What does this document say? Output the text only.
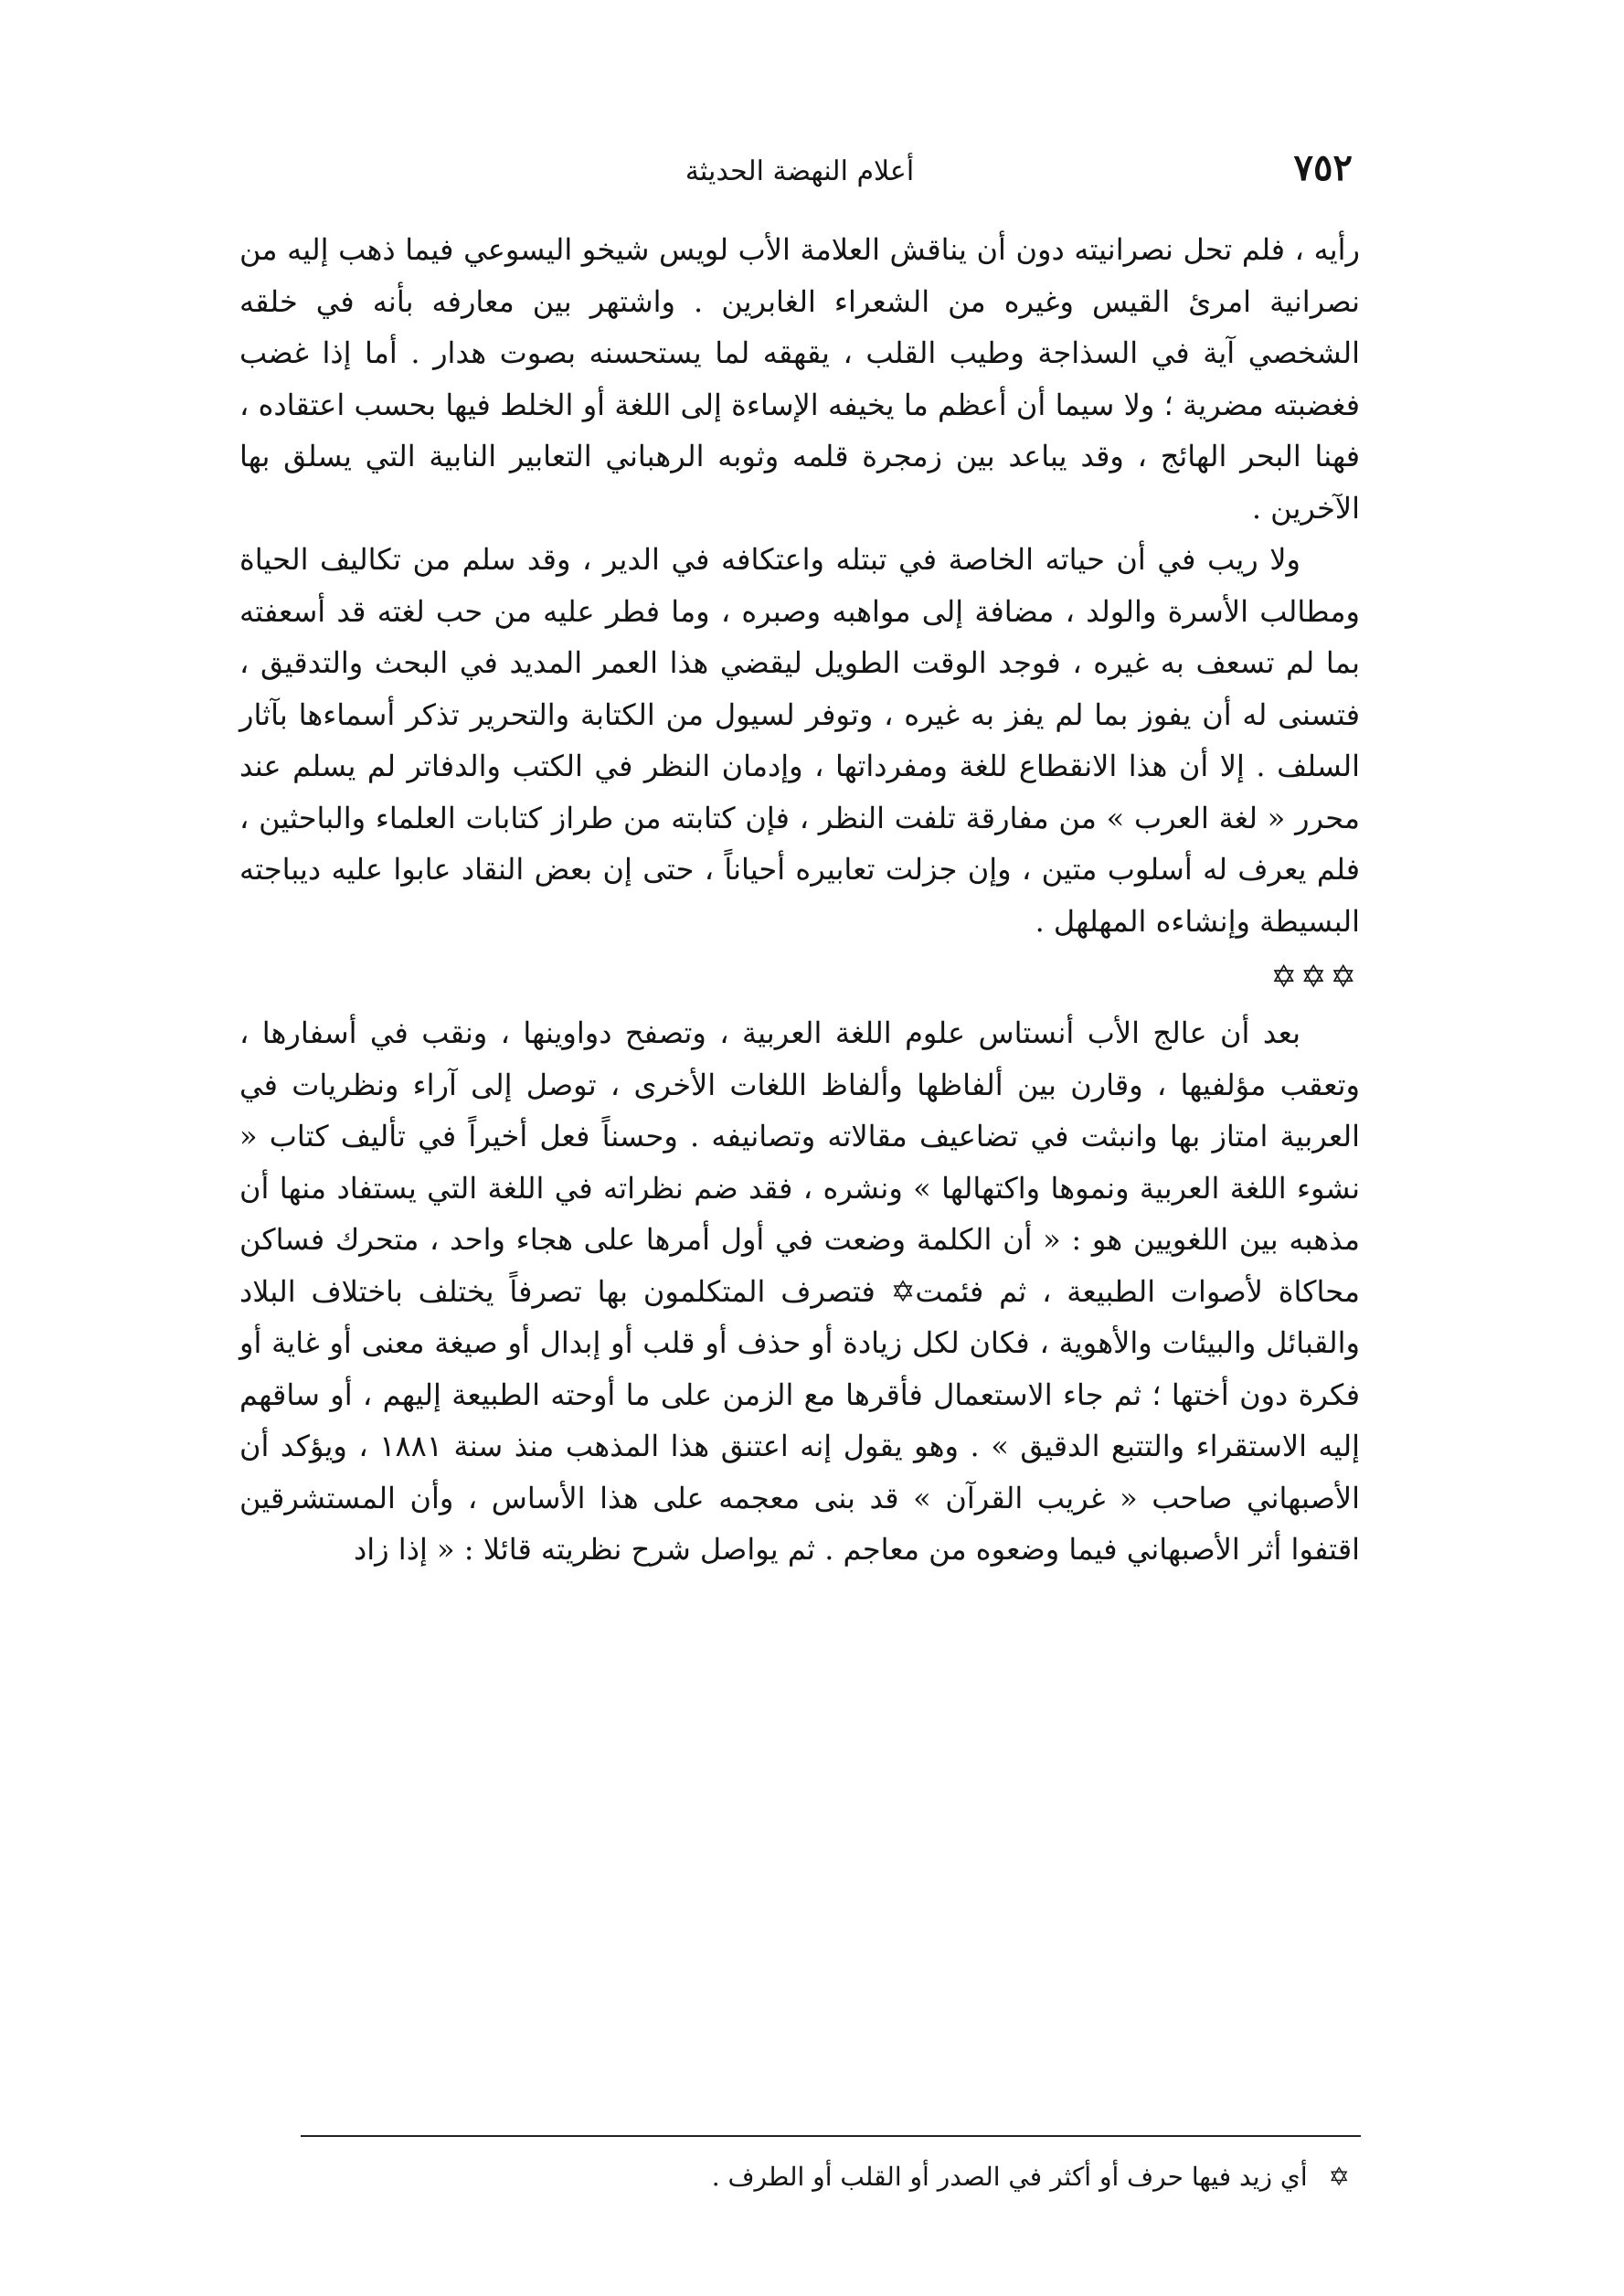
٧٥٢
أعلام النهضة الحديثة

رأيه ، فلم تحل نصرانيته دون أن يناقش العلامة الأب لويس شيخو اليسوعي فيما ذهب إليه من نصرانية امرئ القيس وغيره من الشعراء الغابرين . واشتهر بين معارفه بأنه في خلقه الشخصي آية في السذاجة وطيب القلب ، يقهقه لما يستحسنه بصوت هدار . أما إذا غضب فغضبته مضرية ؛ ولا سيما أن أعظم ما يخيفه الإساءة إلى اللغة أو الخلط فيها بحسب اعتقاده ، فهنا البحر الهائج ، وقد يباعد بين زمجرة قلمه وثوبه الرهباني التعابير النابية التي يسلق بها الآخرين .

ولا ريب في أن حياته الخاصة في تبتله واعتكافه في الدير ، وقد سلم من تكاليف الحياة ومطالب الأسرة والولد ، مضافة إلى مواهبه وصبره ، وما فطر عليه من حب لغته قد أسعفته بما لم تسعف به غيره ، فوجد الوقت الطويل ليقضي هذا العمر المديد في البحث والتدقيق ، فتسنى له أن يفوز بما لم يفز به غيره ، وتوفر لسيول من الكتابة والتحرير تذكر أسماءها بآثار السلف . إلا أن هذا الانقطاع للغة ومفرداتها ، وإدمان النظر في الكتب والدفاتر لم يسلم عند محرر « لغة العرب » من مفارقة تلفت النظر ، فإن كتابته من طراز كتابات العلماء والباحثين ، فلم يعرف له أسلوب متين ، وإن جزلت تعابيره أحياناً ، حتى إن بعض النقاد عابوا عليه ديباجته البسيطة وإنشاءه المهلهل .

✡✡✡

بعد أن عالج الأب أنستاس علوم اللغة العربية ، وتصفح دواوينها ، ونقب في أسفارها ، وتعقب مؤلفيها ، وقارن بين ألفاظها وألفاظ اللغات الأخرى ، توصل إلى آراء ونظريات في العربية امتاز بها وانبثت في تضاعيف مقالاته وتصانيفه . وحسناً فعل أخيراً في تأليف كتاب « نشوء اللغة العربية ونموها واكتهالها » ونشره ، فقد ضم نظراته في اللغة التي يستفاد منها أن مذهبه بين اللغويين هو : « أن الكلمة وضعت في أول أمرها على هجاء واحد ، متحرك فساكن محاكاة لأصوات الطبيعة ، ثم فئمت✡ فتصرف المتكلمون بها تصرفاً يختلف باختلاف البلاد والقبائل والبيئات والأهوية ، فكان لكل زيادة أو حذف أو قلب أو إبدال أو صيغة معنى أو غاية أو فكرة دون أختها ؛ ثم جاء الاستعمال فأقرها مع الزمن على ما أوحته الطبيعة إليهم ، أو ساقهم إليه الاستقراء والتتبع الدقيق » . وهو يقول إنه اعتنق هذا المذهب منذ سنة ١٨٨١ ، ويؤكد أن الأصبهاني صاحب « غريب القرآن » قد بنى معجمه على هذا الأساس ، وأن المستشرقين اقتفوا أثر الأصبهاني فيما وضعوه من معاجم . ثم يواصل شرح نظريته قائلا : « إذا زاد

✡ أي زيد فيها حرف أو أكثر في الصدر أو القلب أو الطرف .
